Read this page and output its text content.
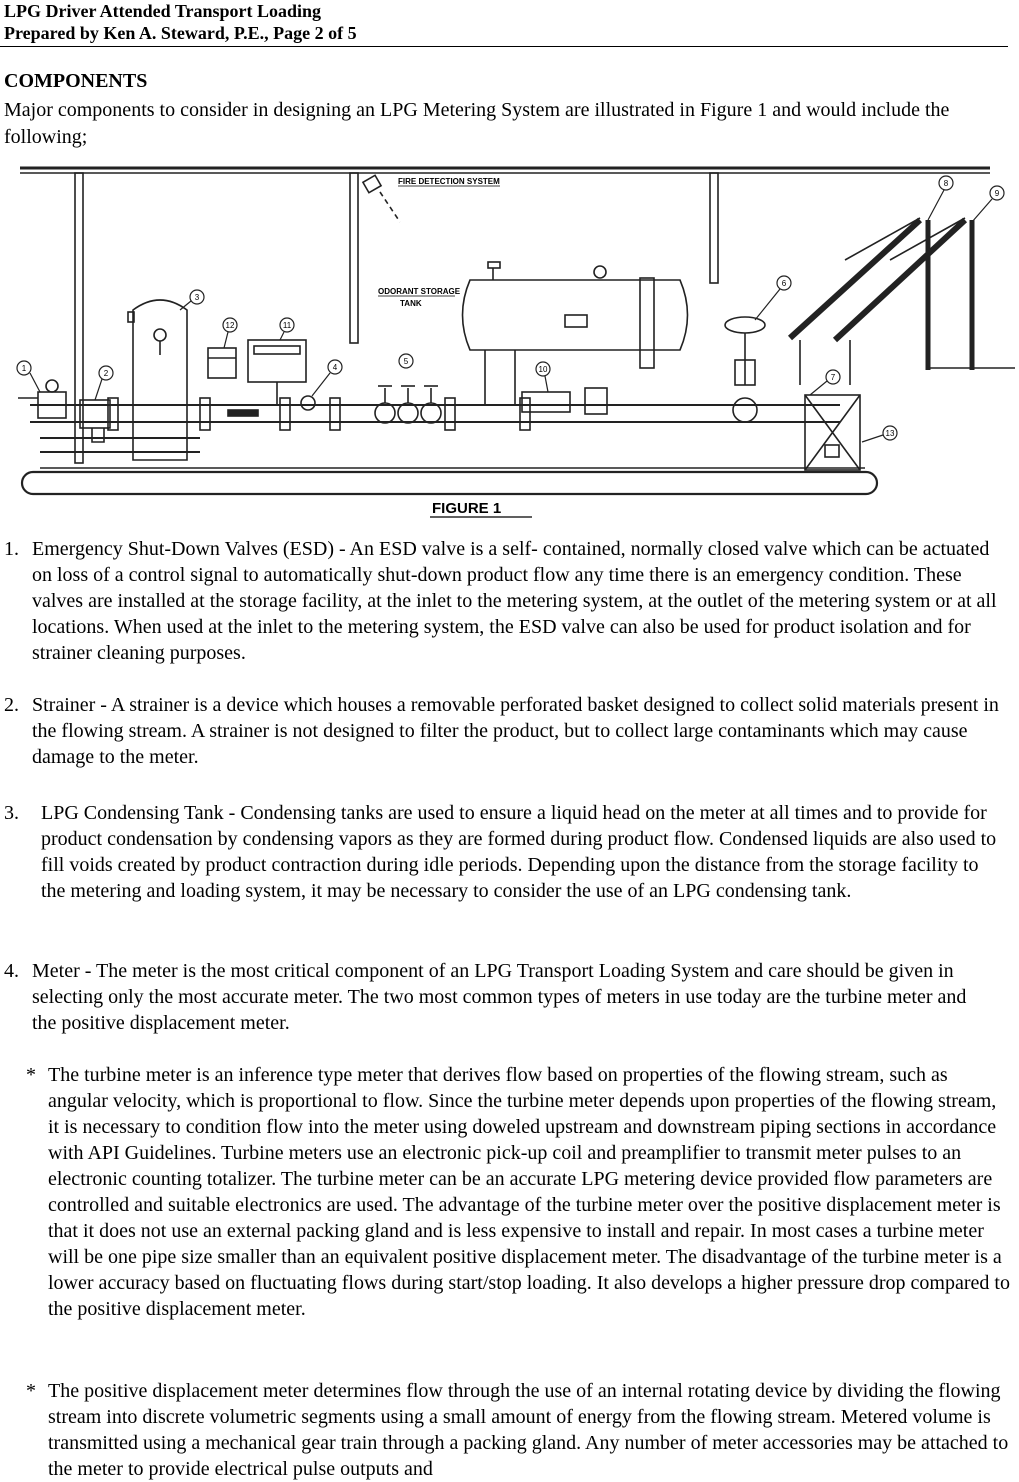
LPG Driver Attended Transport Loading
Prepared by Ken A. Steward, P.E., Page 2 of 5
COMPONENTS
Major components to consider in designing an LPG Metering System are illustrated in Figure 1 and would include the following;
1
2
3
4
5
6
7
8
9
10
11
12
13
FIRE DETECTION SYSTEM
ODORANT STORAGE
TANK
FIGURE 1
1. Emergency Shut-Down Valves (ESD) - An ESD valve is a self- contained, normally closed valve which can be actuated on loss of a control signal to automatically shut-down product flow any time there is an emergency condition. These valves are installed at the storage facility, at the inlet to the metering system, at the outlet of the metering system or at all locations. When used at the inlet to the metering system, the ESD valve can also be used for product isolation and for strainer cleaning purposes.
2. Strainer - A strainer is a device which houses a removable perforated basket designed to collect solid materials present in the flowing stream. A strainer is not designed to filter the product, but to collect large contaminants which may cause damage to the meter.
3. LPG Condensing Tank - Condensing tanks are used to ensure a liquid head on the meter at all times and to provide for product condensation by condensing vapors as they are formed during product flow. Condensed liquids are also used to fill voids created by product contraction during idle periods. Depending upon the distance from the storage facility to the metering and loading system, it may be necessary to consider the use of an LPG condensing tank.
4. Meter - The meter is the most critical component of an LPG Transport Loading System and care should be given in selecting only the most accurate meter. The two most common types of meters in use today are the turbine meter and the positive displacement meter.
* The turbine meter is an inference type meter that derives flow based on properties of the flowing stream, such as angular velocity, which is proportional to flow. Since the turbine meter depends upon properties of the flowing stream, it is necessary to condition flow into the meter using doweled upstream and downstream piping sections in accordance with API Guidelines. Turbine meters use an electronic pick-up coil and preamplifier to transmit meter pulses to an electronic counting totalizer. The turbine meter can be an accurate LPG metering device provided flow parameters are controlled and suitable electronics are used. The advantage of the turbine meter over the positive displacement meter is that it does not use an external packing gland and is less expensive to install and repair. In most cases a turbine meter will be one pipe size smaller than an equivalent positive displacement meter. The disadvantage of the turbine meter is a lower accuracy based on fluctuating flows during start/stop loading. It also develops a higher pressure drop compared to the positive displacement meter.
* The positive displacement meter determines flow through the use of an internal rotating device by dividing the flowing stream into discrete volumetric segments using a small amount of energy from the flowing stream. Metered volume is transmitted using a mechanical gear train through a packing gland. Any number of meter accessories may be attached to the meter to provide electrical pulse outputs and
